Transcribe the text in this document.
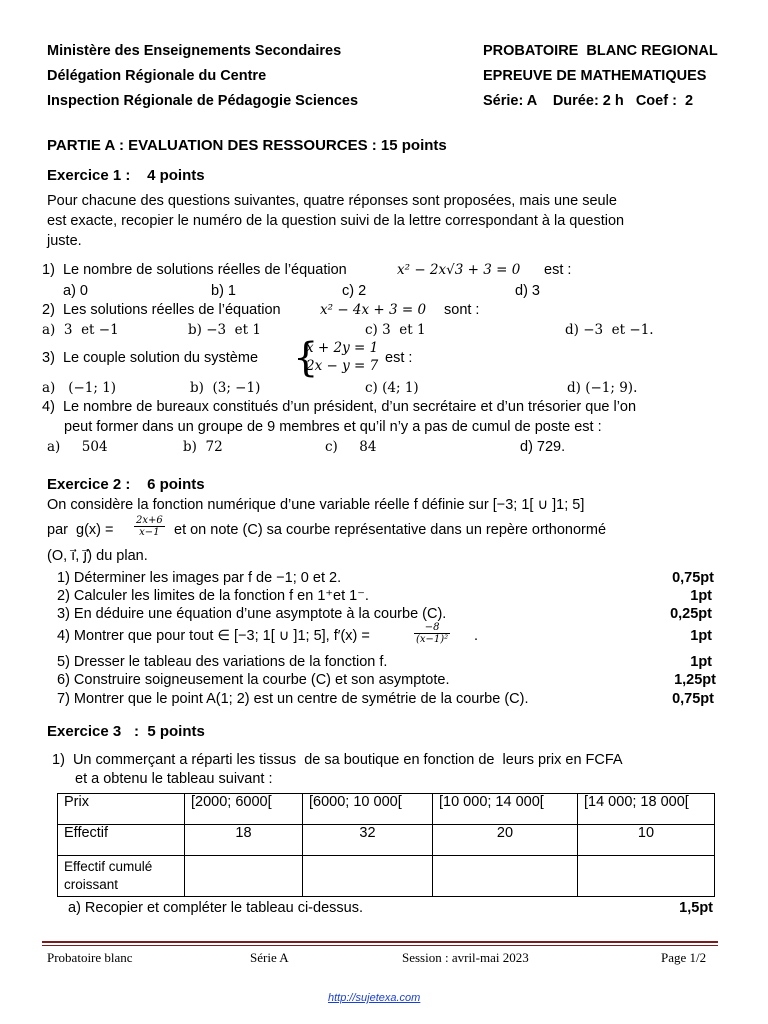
Ministère des Enseignements Secondaires
Délégation Régionale du Centre
Inspection Régionale de Pédagogie Sciences
PROBATOIRE  BLANC REGIONAL
EPREUVE DE MATHEMATIQUES
Série: A    Durée: 2 h   Coef :  2
PARTIE A : EVALUATION DES RESSOURCES : 15 points
Exercice 1 :    4 points
Pour chacune des questions suivantes, quatre réponses sont proposées, mais une seule
est exacte, recopier le numéro de la question suivi de la lettre correspondant à la question
juste.
1)  Le nombre de solutions réelles de l’équation	x² − 2x√3 + 3 = 0 est :
a) 0	b) 1	c) 2	d) 3
2)  Les solutions réelles de l’équation	x² − 4x + 3 = 0 sont :
a)  3  et −1	b) −3  et 1	c) 3  et 1	d) −3  et −1.
3)  Le couple solution du système {
x + 2y = 1
2x − y = 7 est :
a)   (−1; 1)	b)  (3; −1)	c) (4; 1)	d) (−1; 9).
4)  Le nombre de bureaux constitués d’un président, d’un secrétaire et d’un trésorier que l’on
peut former dans un groupe de 9 membres et qu’il n’y a pas de cumul de poste est :
a)     504	b)  72	c)     84	d) 729.
Exercice 2 :    6 points
On considère la fonction numérique d’une variable réelle f définie sur [−3; 1[ ∪ ]1; 5]
par  $g(x) = \frac{2x+6}{x-1}$ et on note (C) sa courbe représentative dans un repère orthonormé
(O, i⃗, j⃗) du plan.
1) Déterminer les images par f de −1; 0 et 2.	0,75pt
2) Calculer les limites de la fonction f en 1⁺et 1⁻.	1pt
3) En déduire une équation d’une asymptote à la courbe (C).	0,25pt
4) Montrer que pour tout ∈ [−3; 1[ ∪ ]1; 5], f′(x) =	$\frac{-8}{\text{(x−1)²}}$ .	1pt
5) Dresser le tableau des variations de la fonction f.	1pt
6) Construire soigneusement la courbe (C) et son asymptote.	1,25pt
7) Montrer que le point A(1; 2) est un centre de symétrie de la courbe (C).	0,75pt
Exercice 3 :  5 points
1)  Un commerçant a réparti les tissus  de sa boutique en fonction de  leurs prix en FCFA
et a obtenu le tableau suivant :
Prix	[2000; 6000[	[6000; 10 000[	[10 000; 14 000[	[14 000; 18 000[
Effectif	18	32	20	10

Effectif cumulé
croissant				

a) Recopier et compléter le tableau ci-dessus.	1,5pt
Probatoire blanc	Série A	Session : avril-mai 2023	Page 1/2
http://sujetexa.com
